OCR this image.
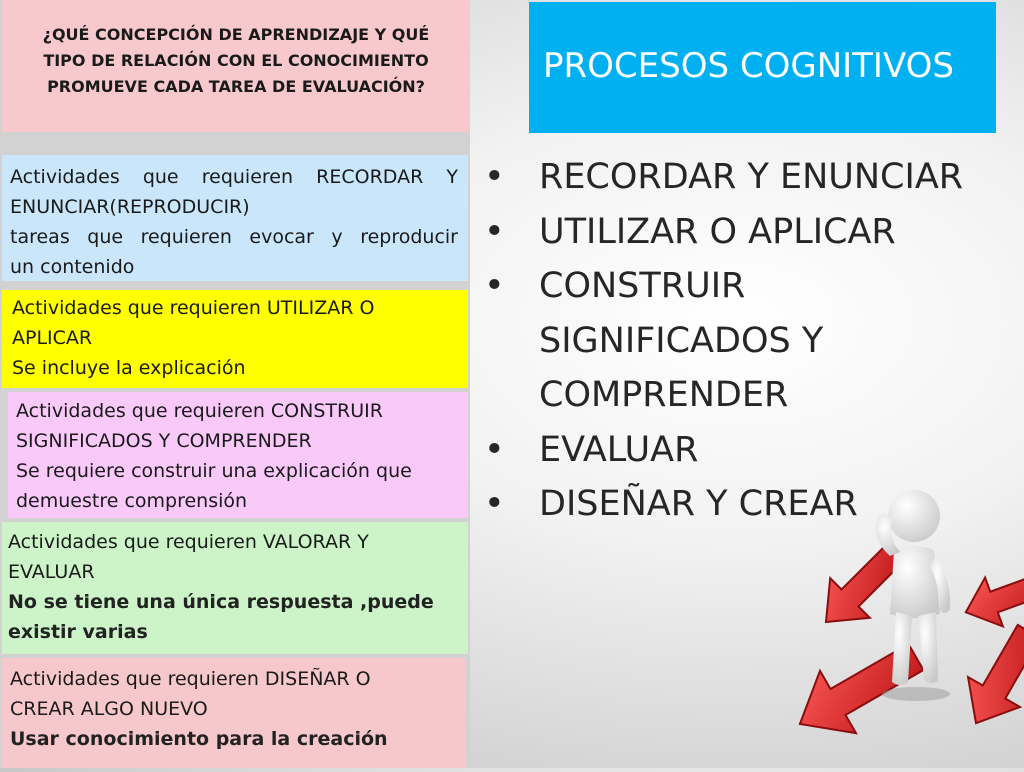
¿QUÉ CONCEPCIÓN DE APRENDIZAJE Y QUÉ
TIPO DE RELACIÓN CON EL CONOCIMIENTO
PROMUEVE CADA TAREA DE EVALUACIÓN?
Actividades que requieren RECORDAR Y
ENUNCIAR(REPRODUCIR)
tareas que requieren evocar y reproducir
un contenido
Actividades que requieren UTILIZAR O
APLICAR
Se incluye la explicación
Actividades que requieren CONSTRUIR
SIGNIFICADOS Y COMPRENDER
Se requiere construir una explicación que
demuestre comprensión
Actividades que requieren VALORAR Y
EVALUAR
No se tiene una única respuesta ,puede
existir varias
Actividades que requieren DISEÑAR O
CREAR ALGO NUEVO
Usar conocimiento para la creación
PROCESOS COGNITIVOS
• RECORDAR Y ENUNCIAR
• UTILIZAR O APLICAR
• CONSTRUIR
SIGNIFICADOS Y
COMPRENDER
• EVALUAR
• DISEÑAR Y CREAR
